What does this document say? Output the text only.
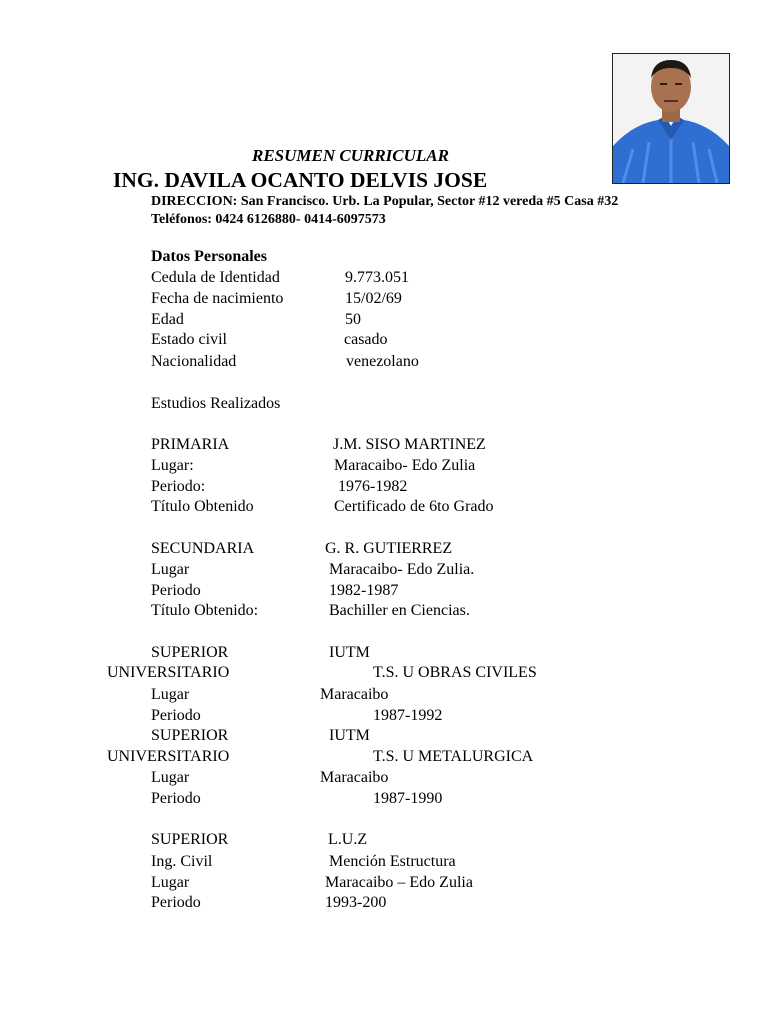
RESUMEN CURRICULAR
ING. DAVILA OCANTO DELVIS JOSE
DIRECCION: San Francisco. Urb. La Popular, Sector #12 vereda #5 Casa #32
Teléfonos: 0424 6126880- 0414-6097573
Datos Personales
Cedula de Identidad	9.773.051
Fecha de nacimiento	15/02/69
Edad	50
Estado civil	casado
Nacionalidad	venezolano
Estudios Realizados
PRIMARIA	J.M. SISO MARTINEZ
Lugar:	Maracaibo- Edo Zulia
Periodo:	1976-1982
Título Obtenido	Certificado de 6to Grado
SECUNDARIA	G. R. GUTIERREZ
Lugar	Maracaibo- Edo Zulia.
Periodo	1982-1987
Título Obtenido:	Bachiller en Ciencias.
SUPERIOR	IUTM
UNIVERSITARIO	T.S. U OBRAS CIVILES
Lugar	Maracaibo
Periodo	1987-1992
SUPERIOR	IUTM
UNIVERSITARIO	T.S. U METALURGICA
Lugar	Maracaibo
Periodo	1987-1990
SUPERIOR	L.U.Z
Ing. Civil	Mención Estructura
Lugar	Maracaibo – Edo Zulia
Periodo	1993-200
